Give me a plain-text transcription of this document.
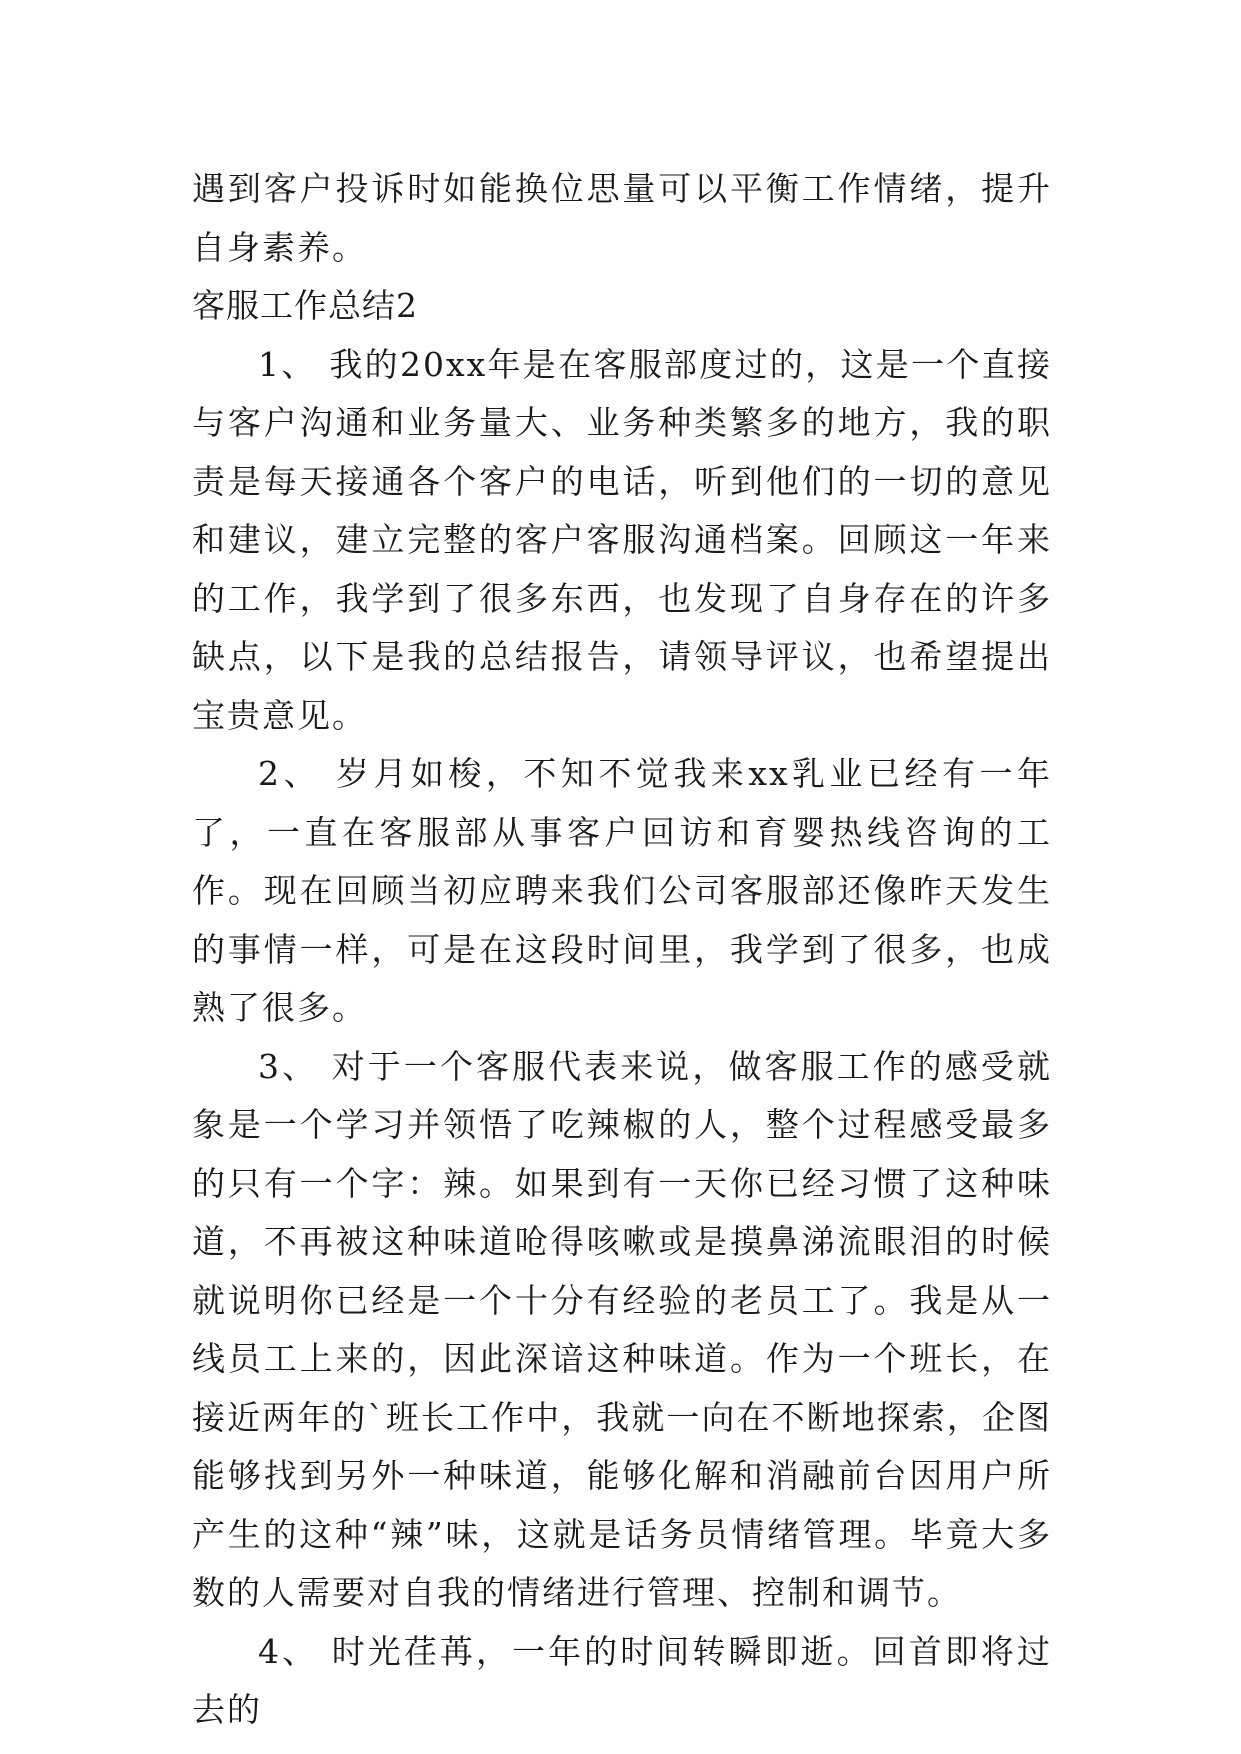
遇到客户投诉时如能换位思量可以平衡工作情绪，提升自身素养。

客服工作总结2

1、 我的20xx年是在客服部度过的，这是一个直接与客户沟通和业务量大、业务种类繁多的地方，我的职责是每天接通各个客户的电话，听到他们的一切的意见和建议，建立完整的客户客服沟通档案。回顾这一年来的工作，我学到了很多东西，也发现了自身存在的许多缺点，以下是我的总结报告，请领导评议，也希望提出宝贵意见。

2、 岁月如梭，不知不觉我来xx乳业已经有一年了，一直在客服部从事客户回访和育婴热线咨询的工作。现在回顾当初应聘来我们公司客服部还像昨天发生的事情一样，可是在这段时间里，我学到了很多，也成熟了很多。

3、 对于一个客服代表来说，做客服工作的感受就象是一个学习并领悟了吃辣椒的人，整个过程感受最多的只有一个字：辣。如果到有一天你已经习惯了这种味道，不再被这种味道呛得咳嗽或是摸鼻涕流眼泪的时候就说明你已经是一个十分有经验的老员工了。我是从一线员工上来的，因此深谙这种味道。作为一个班长，在接近两年的`班长工作中，我就一向在不断地探索，企图能够找到另外一种味道，能够化解和消融前台因用户所产生的这种“辣”味，这就是话务员情绪管理。毕竟大多数的人需要对自我的情绪进行管理、控制和调节。

4、 时光荏苒，一年的时间转瞬即逝。回首即将过去的
